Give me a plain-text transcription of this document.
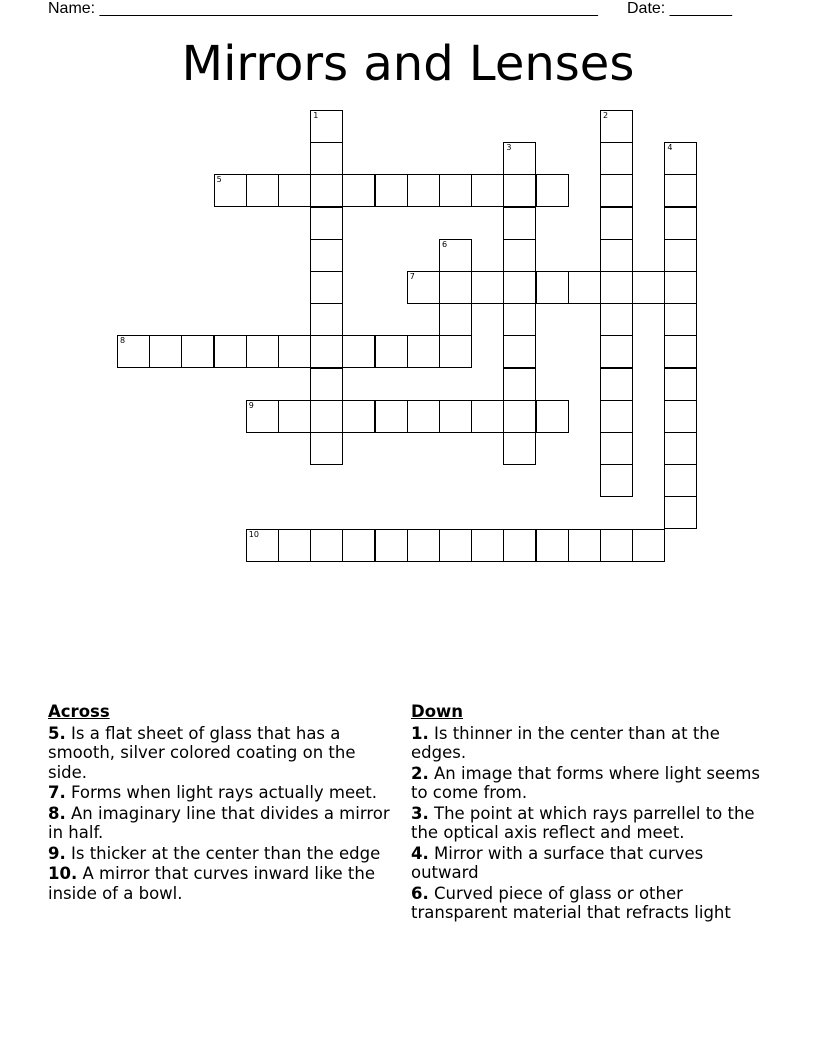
Name: ________________________________________________________ Date: _______
Mirrors and Lenses
1	2
3	4
5
6
7
8
9
10
Across
5. Is a flat sheet of glass that has a smooth, silver colored coating on the side.
7. Forms when light rays actually meet.
8. An imaginary line that divides a mirror in half.
9. Is thicker at the center than the edge
10. A mirror that curves inward like the inside of a bowl.
Down
1. Is thinner in the center than at the edges.
2. An image that forms where light seems to come from.
3. The point at which rays parrellel to the the optical axis reflect and meet.
4. Mirror with a surface that curves outward
6. Curved piece of glass or other transparent material that refracts light
